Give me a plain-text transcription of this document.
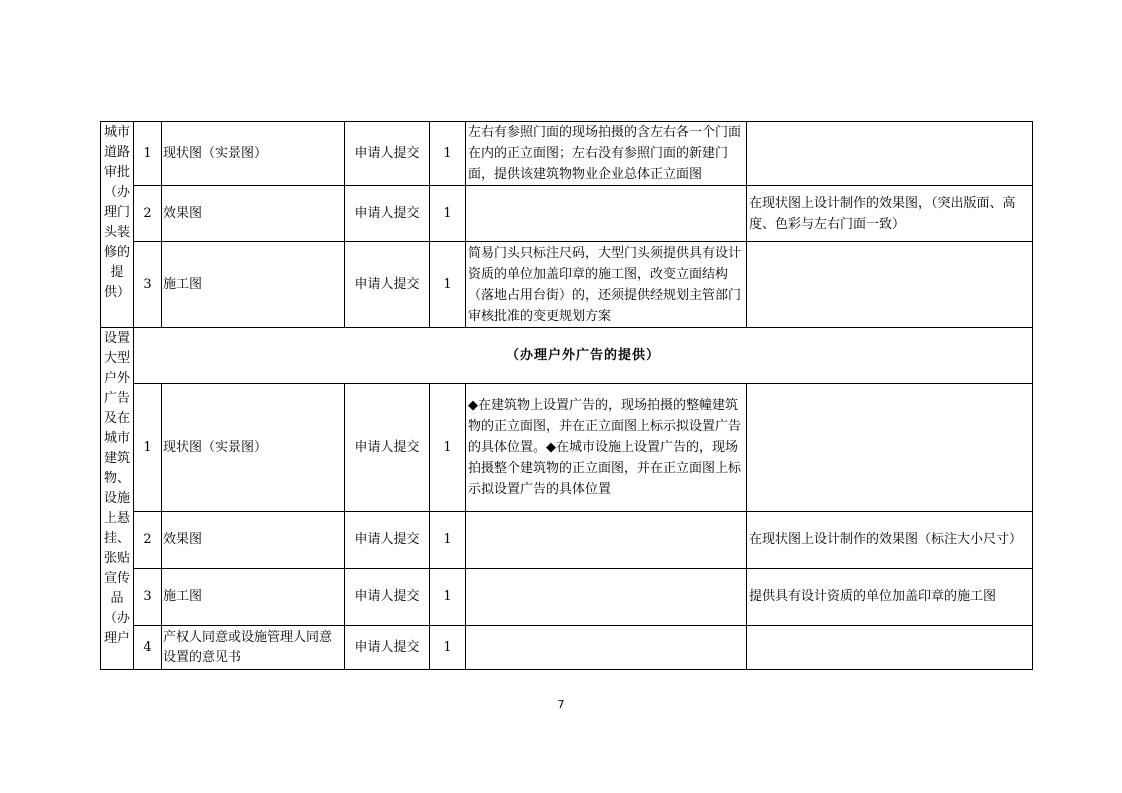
城市道路审批（办理门头装修的提供）	1	现状图（实景图）	申请人提交	1	左右有参照门面的现场拍摄的含左右各一个门面在内的正立面图；左右没有参照门面的新建门面，提供该建筑物物业企业总体正立面图	
	2	效果图	申请人提交	1		在现状图上设计制作的效果图，（突出版面、高度、色彩与左右门面一致）
	3	施工图	申请人提交	1	简易门头只标注尺码，大型门头须提供具有设计资质的单位加盖印章的施工图，改变立面结构（落地占用台街）的，还须提供经规划主管部门审核批准的变更规划方案	
设置大型户外广告及在城市建筑物、设施上悬挂、张贴宣传品（办理户	（办理户外广告的提供）					
	1	现状图（实景图）	申请人提交	1	◆在建筑物上设置广告的，现场拍摄的整幢建筑物的正立面图，并在正立面图上标示拟设置广告的具体位置。◆在城市设施上设置广告的，现场拍摄整个建筑物的正立面图，并在正立面图上标示拟设置广告的具体位置	
	2	效果图	申请人提交	1		在现状图上设计制作的效果图（标注大小尺寸）
	3	施工图	申请人提交	1		提供具有设计资质的单位加盖印章的施工图
	4	产权人同意或设施管理人同意设置的意见书	申请人提交	1		
7
